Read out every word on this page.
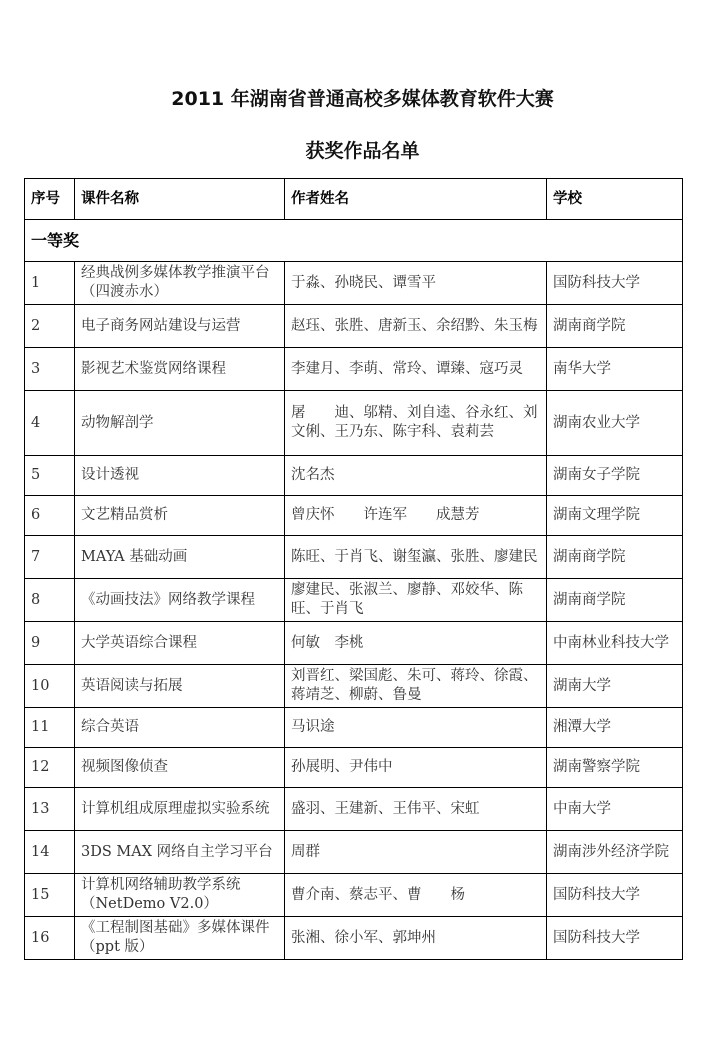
2011 年湖南省普通高校多媒体教育软件大赛
获奖作品名单
序号	课件名称	作者姓名	学校
一等奖			
1	经典战例多媒体教学推演平台（四渡赤水）	于淼、孙晓民、谭雪平	国防科技大学
2	电子商务网站建设与运营	赵珏、张胜、唐新玉、余绍黔、朱玉梅	湖南商学院
3	影视艺术鉴赏网络课程	李建月、李萌、常玲、谭臻、寇巧灵	南华大学
4	动物解剖学	屠　　迪、邬精、刘自逵、谷永红、刘文俐、王乃东、陈宇科、袁莉芸	湖南农业大学
5	设计透视	沈名杰	湖南女子学院
6	文艺精品赏析	曾庆怀　　许连军　　成慧芳	湖南文理学院
7	MAYA 基础动画	陈旺、于肖飞、谢玺瀛、张胜、廖建民	湖南商学院
8	《动画技法》网络教学课程	廖建民、张淑兰、廖静、邓姣华、陈旺、于肖飞	湖南商学院
9	大学英语综合课程	何敏　李桃	中南林业科技大学
10	英语阅读与拓展	刘晋红、梁国彪、朱可、蒋玲、徐霞、蒋靖芝、柳蔚、鲁曼	湖南大学
11	综合英语	马识途	湘潭大学
12	视频图像侦查	孙展明、尹伟中	湖南警察学院
13	计算机组成原理虚拟实验系统	盛羽、王建新、王伟平、宋虹	中南大学
14	3DS MAX 网络自主学习平台	周群	湖南涉外经济学院
15	计算机网络辅助教学系统（NetDemo V2.0）	曹介南、蔡志平、曹　　杨	国防科技大学
16	《工程制图基础》多媒体课件（ppt 版）	张湘、徐小军、郭坤州	国防科技大学
